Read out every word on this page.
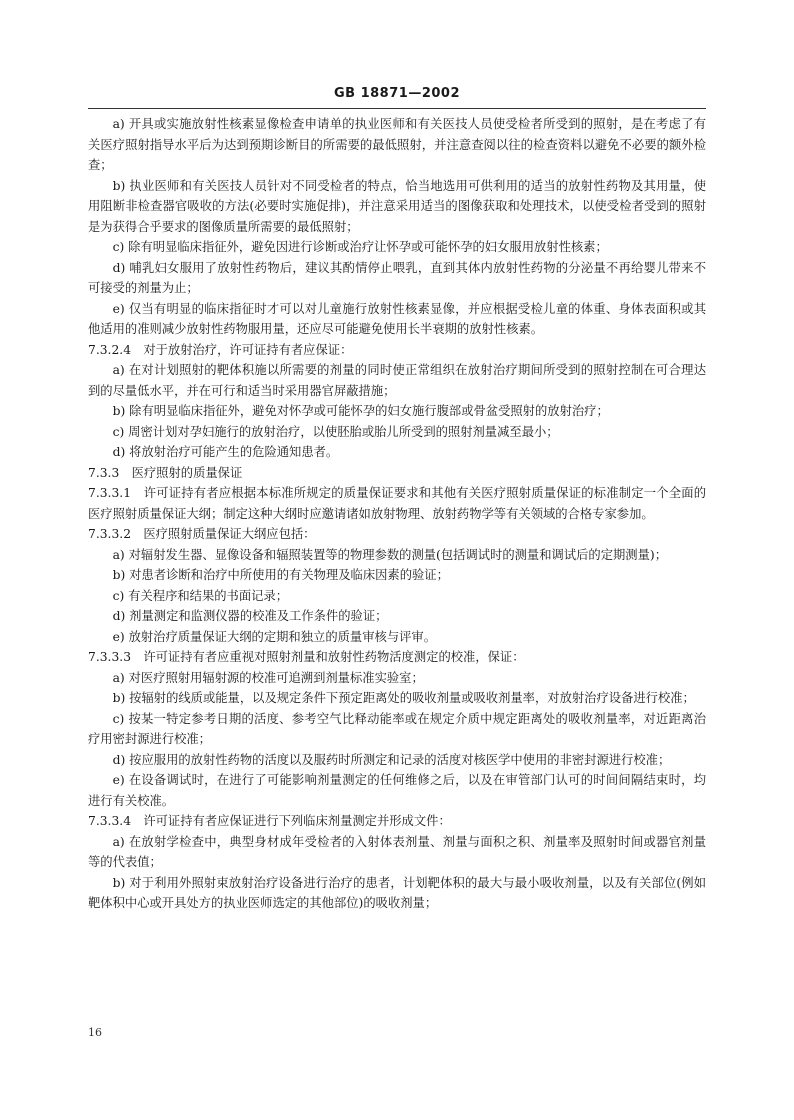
GB 18871—2002

a) 开具或实施放射性核素显像检查申请单的执业医师和有关医技人员使受检者所受到的照射，是在考虑了有关医疗照射指导水平后为达到预期诊断目的所需要的最低照射，并注意查阅以往的检查资料以避免不必要的额外检查；

b) 执业医师和有关医技人员针对不同受检者的特点，恰当地选用可供利用的适当的放射性药物及其用量，使用阻断非检查器官吸收的方法(必要时实施促排)，并注意采用适当的图像获取和处理技术，以使受检者受到的照射是为获得合乎要求的图像质量所需要的最低照射；

c) 除有明显临床指征外，避免因进行诊断或治疗让怀孕或可能怀孕的妇女服用放射性核素；

d) 哺乳妇女服用了放射性药物后，建议其酌情停止喂乳，直到其体内放射性药物的分泌量不再给婴儿带来不可接受的剂量为止；

e) 仅当有明显的临床指征时才可以对儿童施行放射性核素显像，并应根据受检儿童的体重、身体表面积或其他适用的准则减少放射性药物服用量，还应尽可能避免使用长半衰期的放射性核素。

7.3.2.4　对于放射治疗，许可证持有者应保证：

a) 在对计划照射的靶体积施以所需要的剂量的同时使正常组织在放射治疗期间所受到的照射控制在可合理达到的尽量低水平，并在可行和适当时采用器官屏蔽措施；

b) 除有明显临床指征外，避免对怀孕或可能怀孕的妇女施行腹部或骨盆受照射的放射治疗；

c) 周密计划对孕妇施行的放射治疗，以使胚胎或胎儿所受到的照射剂量减至最小；

d) 将放射治疗可能产生的危险通知患者。

7.3.3　医疗照射的质量保证

7.3.3.1　许可证持有者应根据本标准所规定的质量保证要求和其他有关医疗照射质量保证的标准制定一个全面的医疗照射质量保证大纲；制定这种大纲时应邀请诸如放射物理、放射药物学等有关领域的合格专家参加。

7.3.3.2　医疗照射质量保证大纲应包括：

a) 对辐射发生器、显像设备和辐照装置等的物理参数的测量(包括调试时的测量和调试后的定期测量)；

b) 对患者诊断和治疗中所使用的有关物理及临床因素的验证；

c) 有关程序和结果的书面记录；

d) 剂量测定和监测仪器的校准及工作条件的验证；

e) 放射治疗质量保证大纲的定期和独立的质量审核与评审。

7.3.3.3　许可证持有者应重视对照射剂量和放射性药物活度测定的校准，保证：

a) 对医疗照射用辐射源的校准可追溯到剂量标准实验室；

b) 按辐射的线质或能量，以及规定条件下预定距离处的吸收剂量或吸收剂量率，对放射治疗设备进行校准；

c) 按某一特定参考日期的活度、参考空气比释动能率或在规定介质中规定距离处的吸收剂量率，对近距离治疗用密封源进行校准；

d) 按应服用的放射性药物的活度以及服药时所测定和记录的活度对核医学中使用的非密封源进行校准；

e) 在设备调试时，在进行了可能影响剂量测定的任何维修之后，以及在审管部门认可的时间间隔结束时，均进行有关校准。

7.3.3.4　许可证持有者应保证进行下列临床剂量测定并形成文件：

a) 在放射学检查中，典型身材成年受检者的入射体表剂量、剂量与面积之积、剂量率及照射时间或器官剂量等的代表值；

b) 对于利用外照射束放射治疗设备进行治疗的患者，计划靶体积的最大与最小吸收剂量，以及有关部位(例如靶体积中心或开具处方的执业医师选定的其他部位)的吸收剂量；

16
